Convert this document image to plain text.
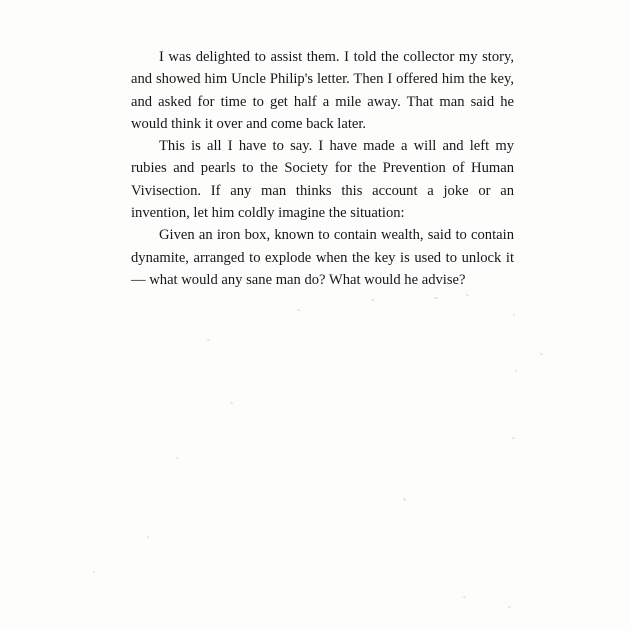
I was delighted to assist them. I told the collector my story, and showed him Uncle Philip's letter. Then I offered him the key, and asked for time to get half a mile away. That man said he would think it over and come back later.

This is all I have to say. I have made a will and left my rubies and pearls to the Society for the Prevention of Human Vivisection. If any man thinks this account a joke or an invention, let him coldly imagine the situation:

Given an iron box, known to contain wealth, said to contain dynamite, arranged to explode when the key is used to unlock it — what would any sane man do? What would he advise?
